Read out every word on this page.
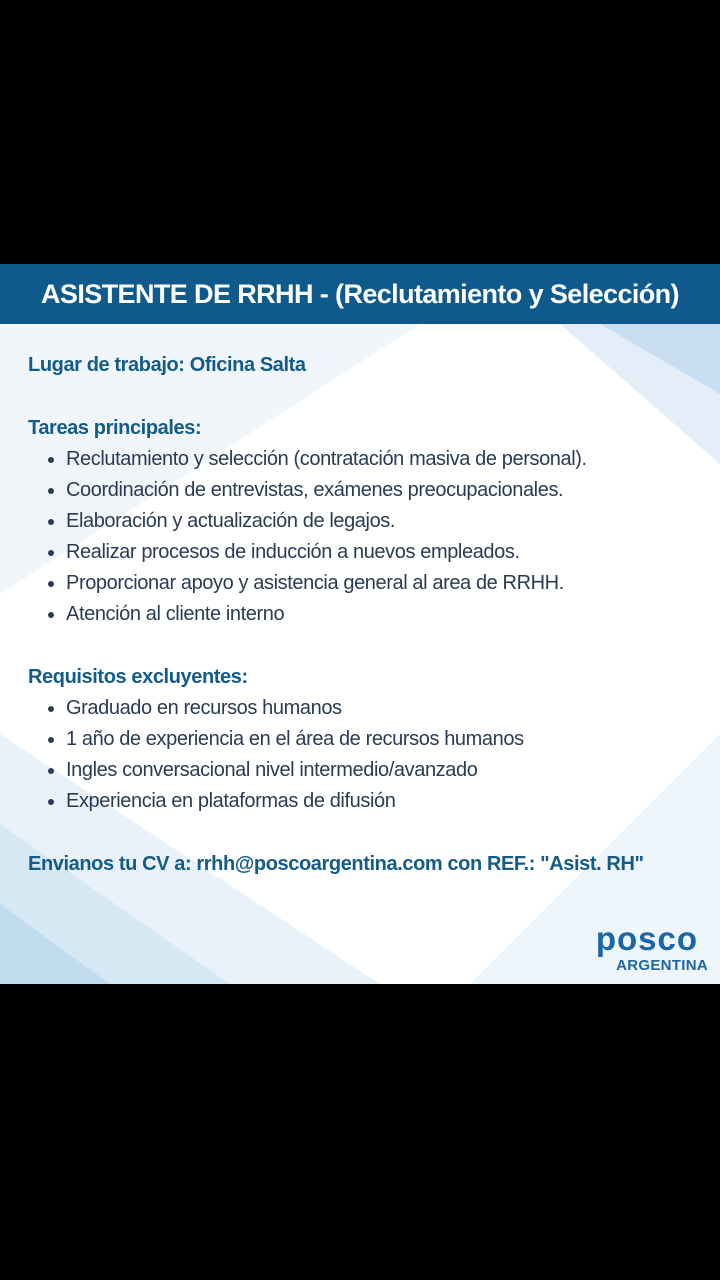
ASISTENTE DE RRHH - (Reclutamiento y Selección)

Lugar de trabajo: Oficina Salta

Tareas principales:

Reclutamiento y selección (contratación masiva de personal).
Coordinación de entrevistas, exámenes preocupacionales.
Elaboración y actualización de legajos.
Realizar procesos de inducción a nuevos empleados.
Proporcionar apoyo y asistencia general al area de RRHH.
Atención al cliente interno

Requisitos excluyentes:

Graduado en recursos humanos
1 año de experiencia en el área de recursos humanos
Ingles conversacional nivel intermedio/avanzado
Experiencia en plataformas de difusión

Envianos tu CV a: rrhh@poscoargentina.com con REF.: "Asist. RH"

posco
ARGENTINA
